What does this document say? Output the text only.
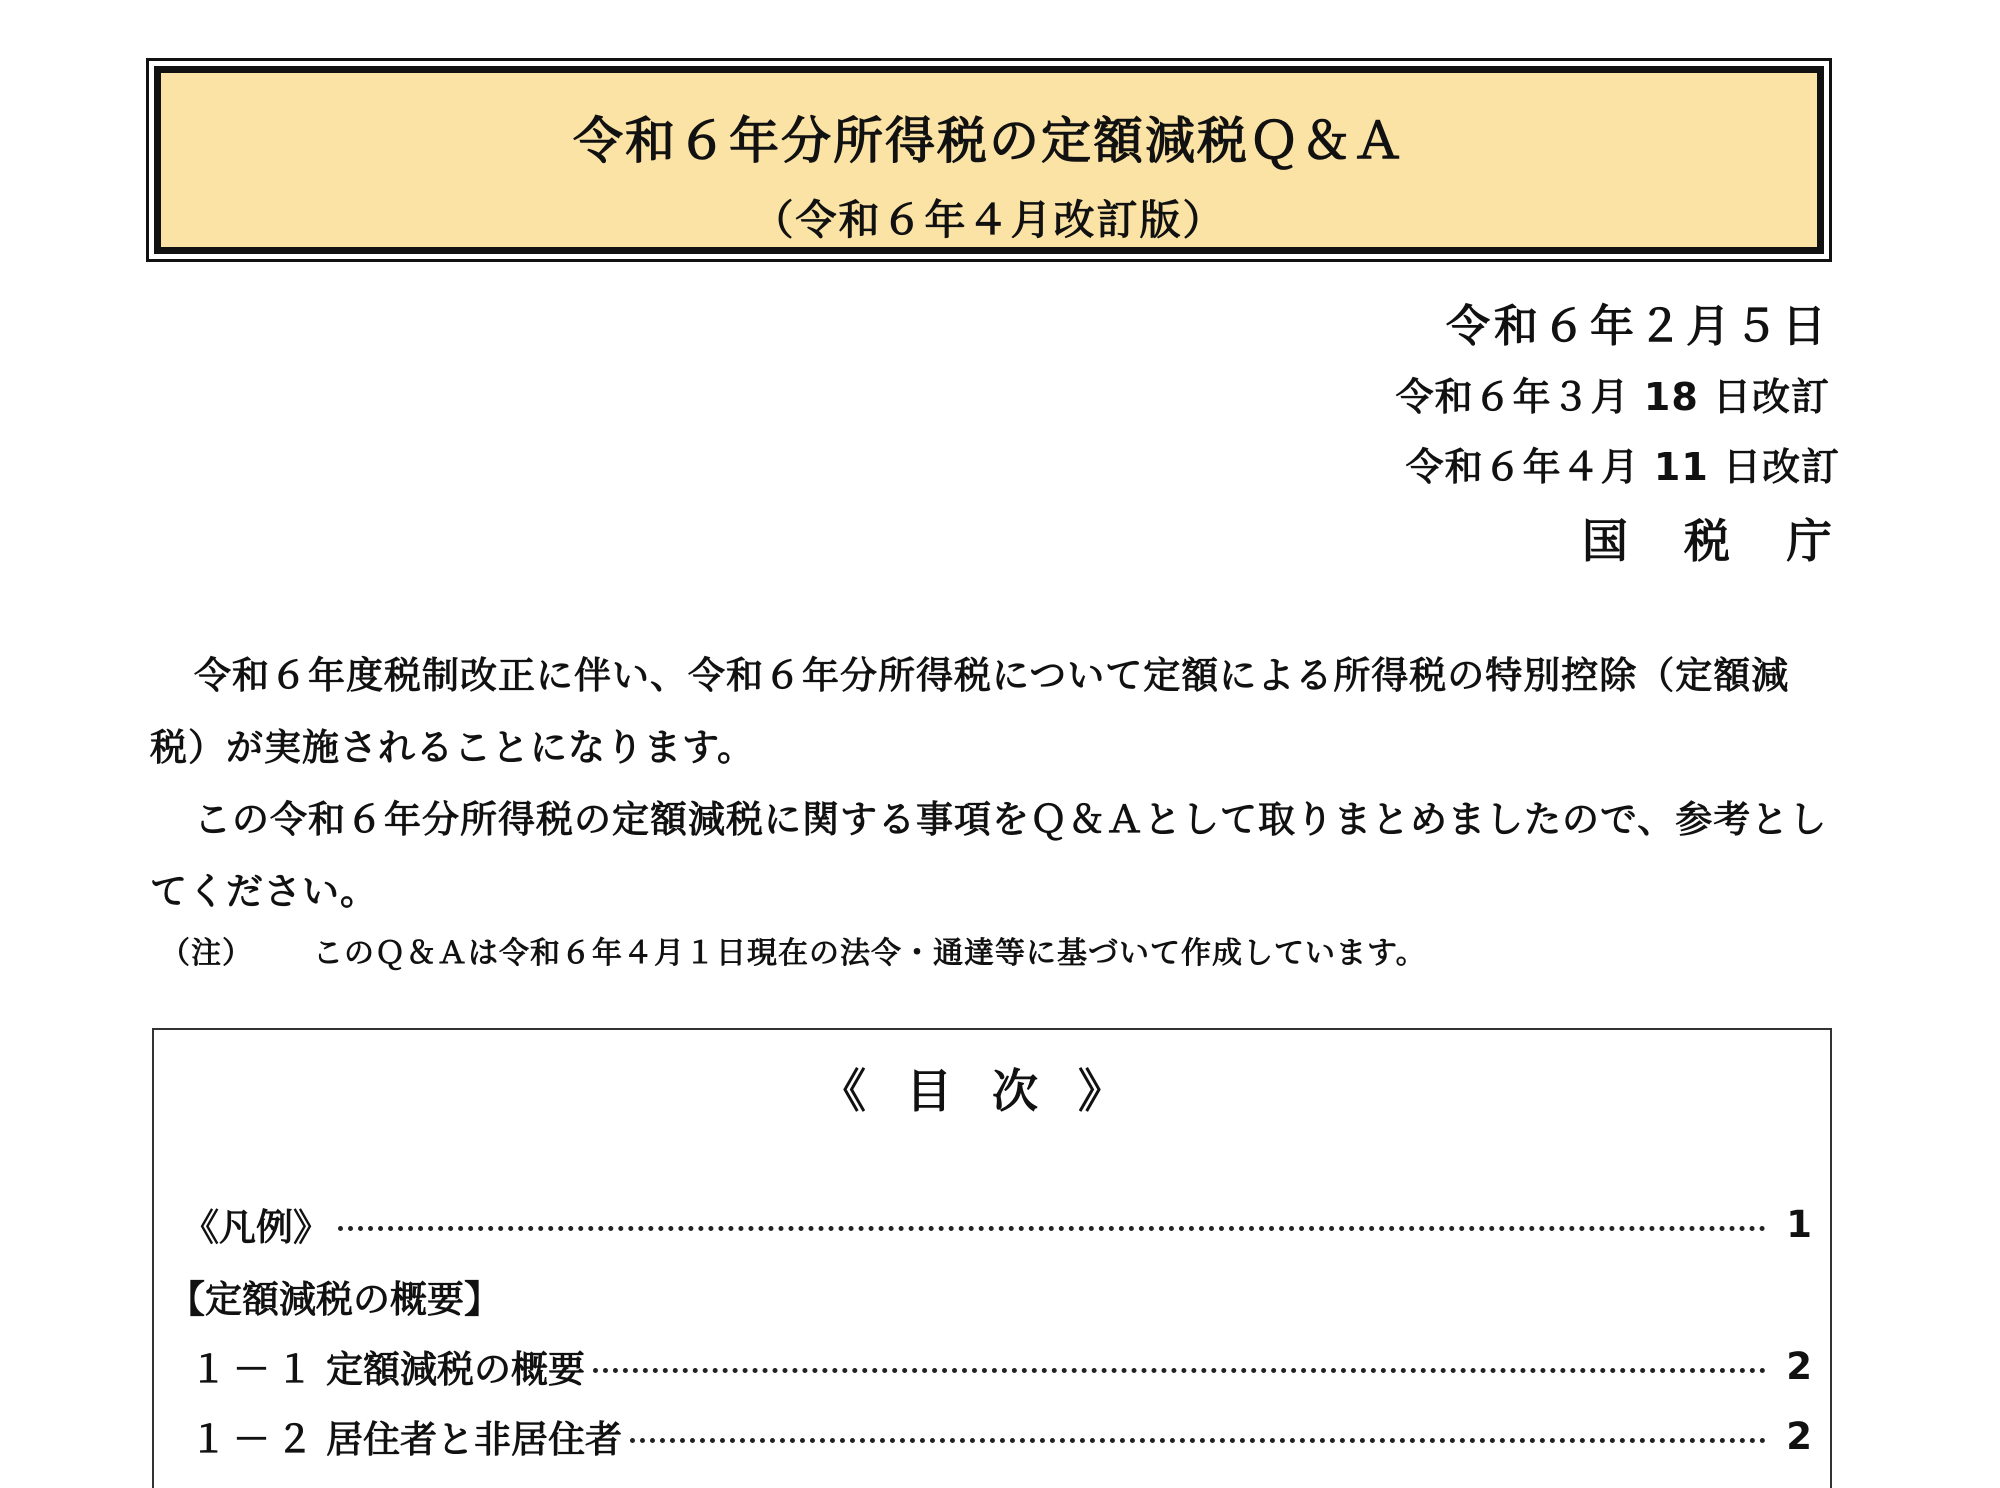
令和６年分所得税の定額減税Ｑ＆Ａ
（令和６年４月改訂版）
令和６年２月５日
令和６年３月 18 日改訂
令和６年４月 11 日改訂
国税庁
令和６年度税制改正に伴い、令和６年分所得税について定額による所得税の特別控除（定額減税）が実施されることになります。
この令和６年分所得税の定額減税に関する事項をＱ＆Ａとして取りまとめましたので、参考としてください。
（注） このＱ＆Ａは令和６年４月１日現在の法令・通達等に基づいて作成しています。
《目次》
《凡例》	1
【定額減税の概要】
１－１ 定額減税の概要	2
１－２ 居住者と非居住者	2
